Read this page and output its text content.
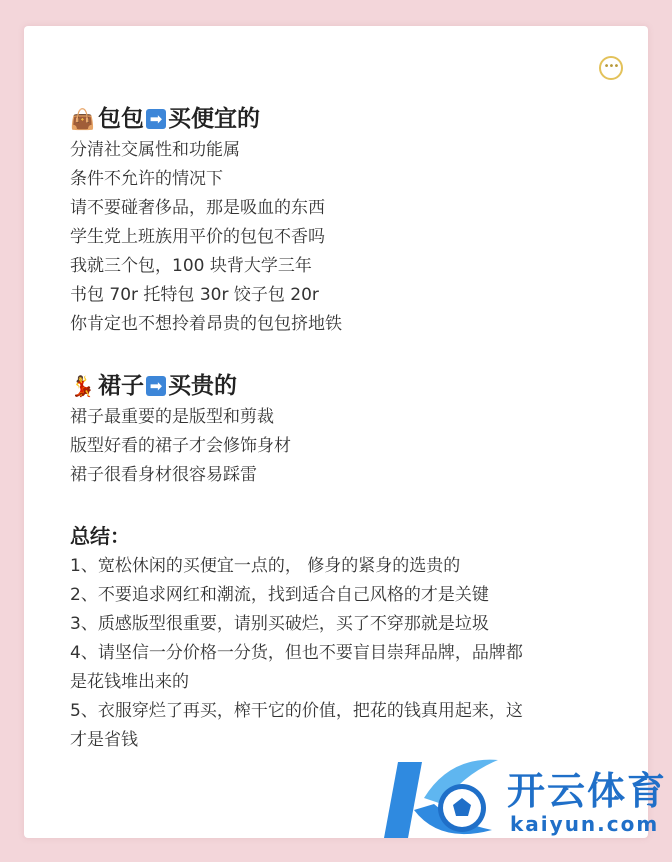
•••
👜 包包 ➡ 买便宜的
分清社交属性和功能属
条件不允许的情况下
请不要碰奢侈品，那是吸血的东西
学生党上班族用平价的包包不香吗
我就三个包，100 块背大学三年
书包 70r 托特包 30r 饺子包 20r
你肯定也不想拎着昂贵的包包挤地铁
💃 裙子 ➡ 买贵的
裙子最重要的是版型和剪裁
版型好看的裙子才会修饰身材
裙子很看身材很容易踩雷
总结：
1、宽松休闲的买便宜一点的， 修身的紧身的选贵的
2、不要追求网红和潮流，找到适合自己风格的才是关键
3、质感版型很重要，请别买破烂，买了不穿那就是垃圾
4、请坚信一分价格一分货，但也不要盲目崇拜品牌，品牌都
是花钱堆出来的
5、衣服穿烂了再买，榨干它的价值，把花的钱真用起来，这
才是省钱
开云体育
kaiyun.com
